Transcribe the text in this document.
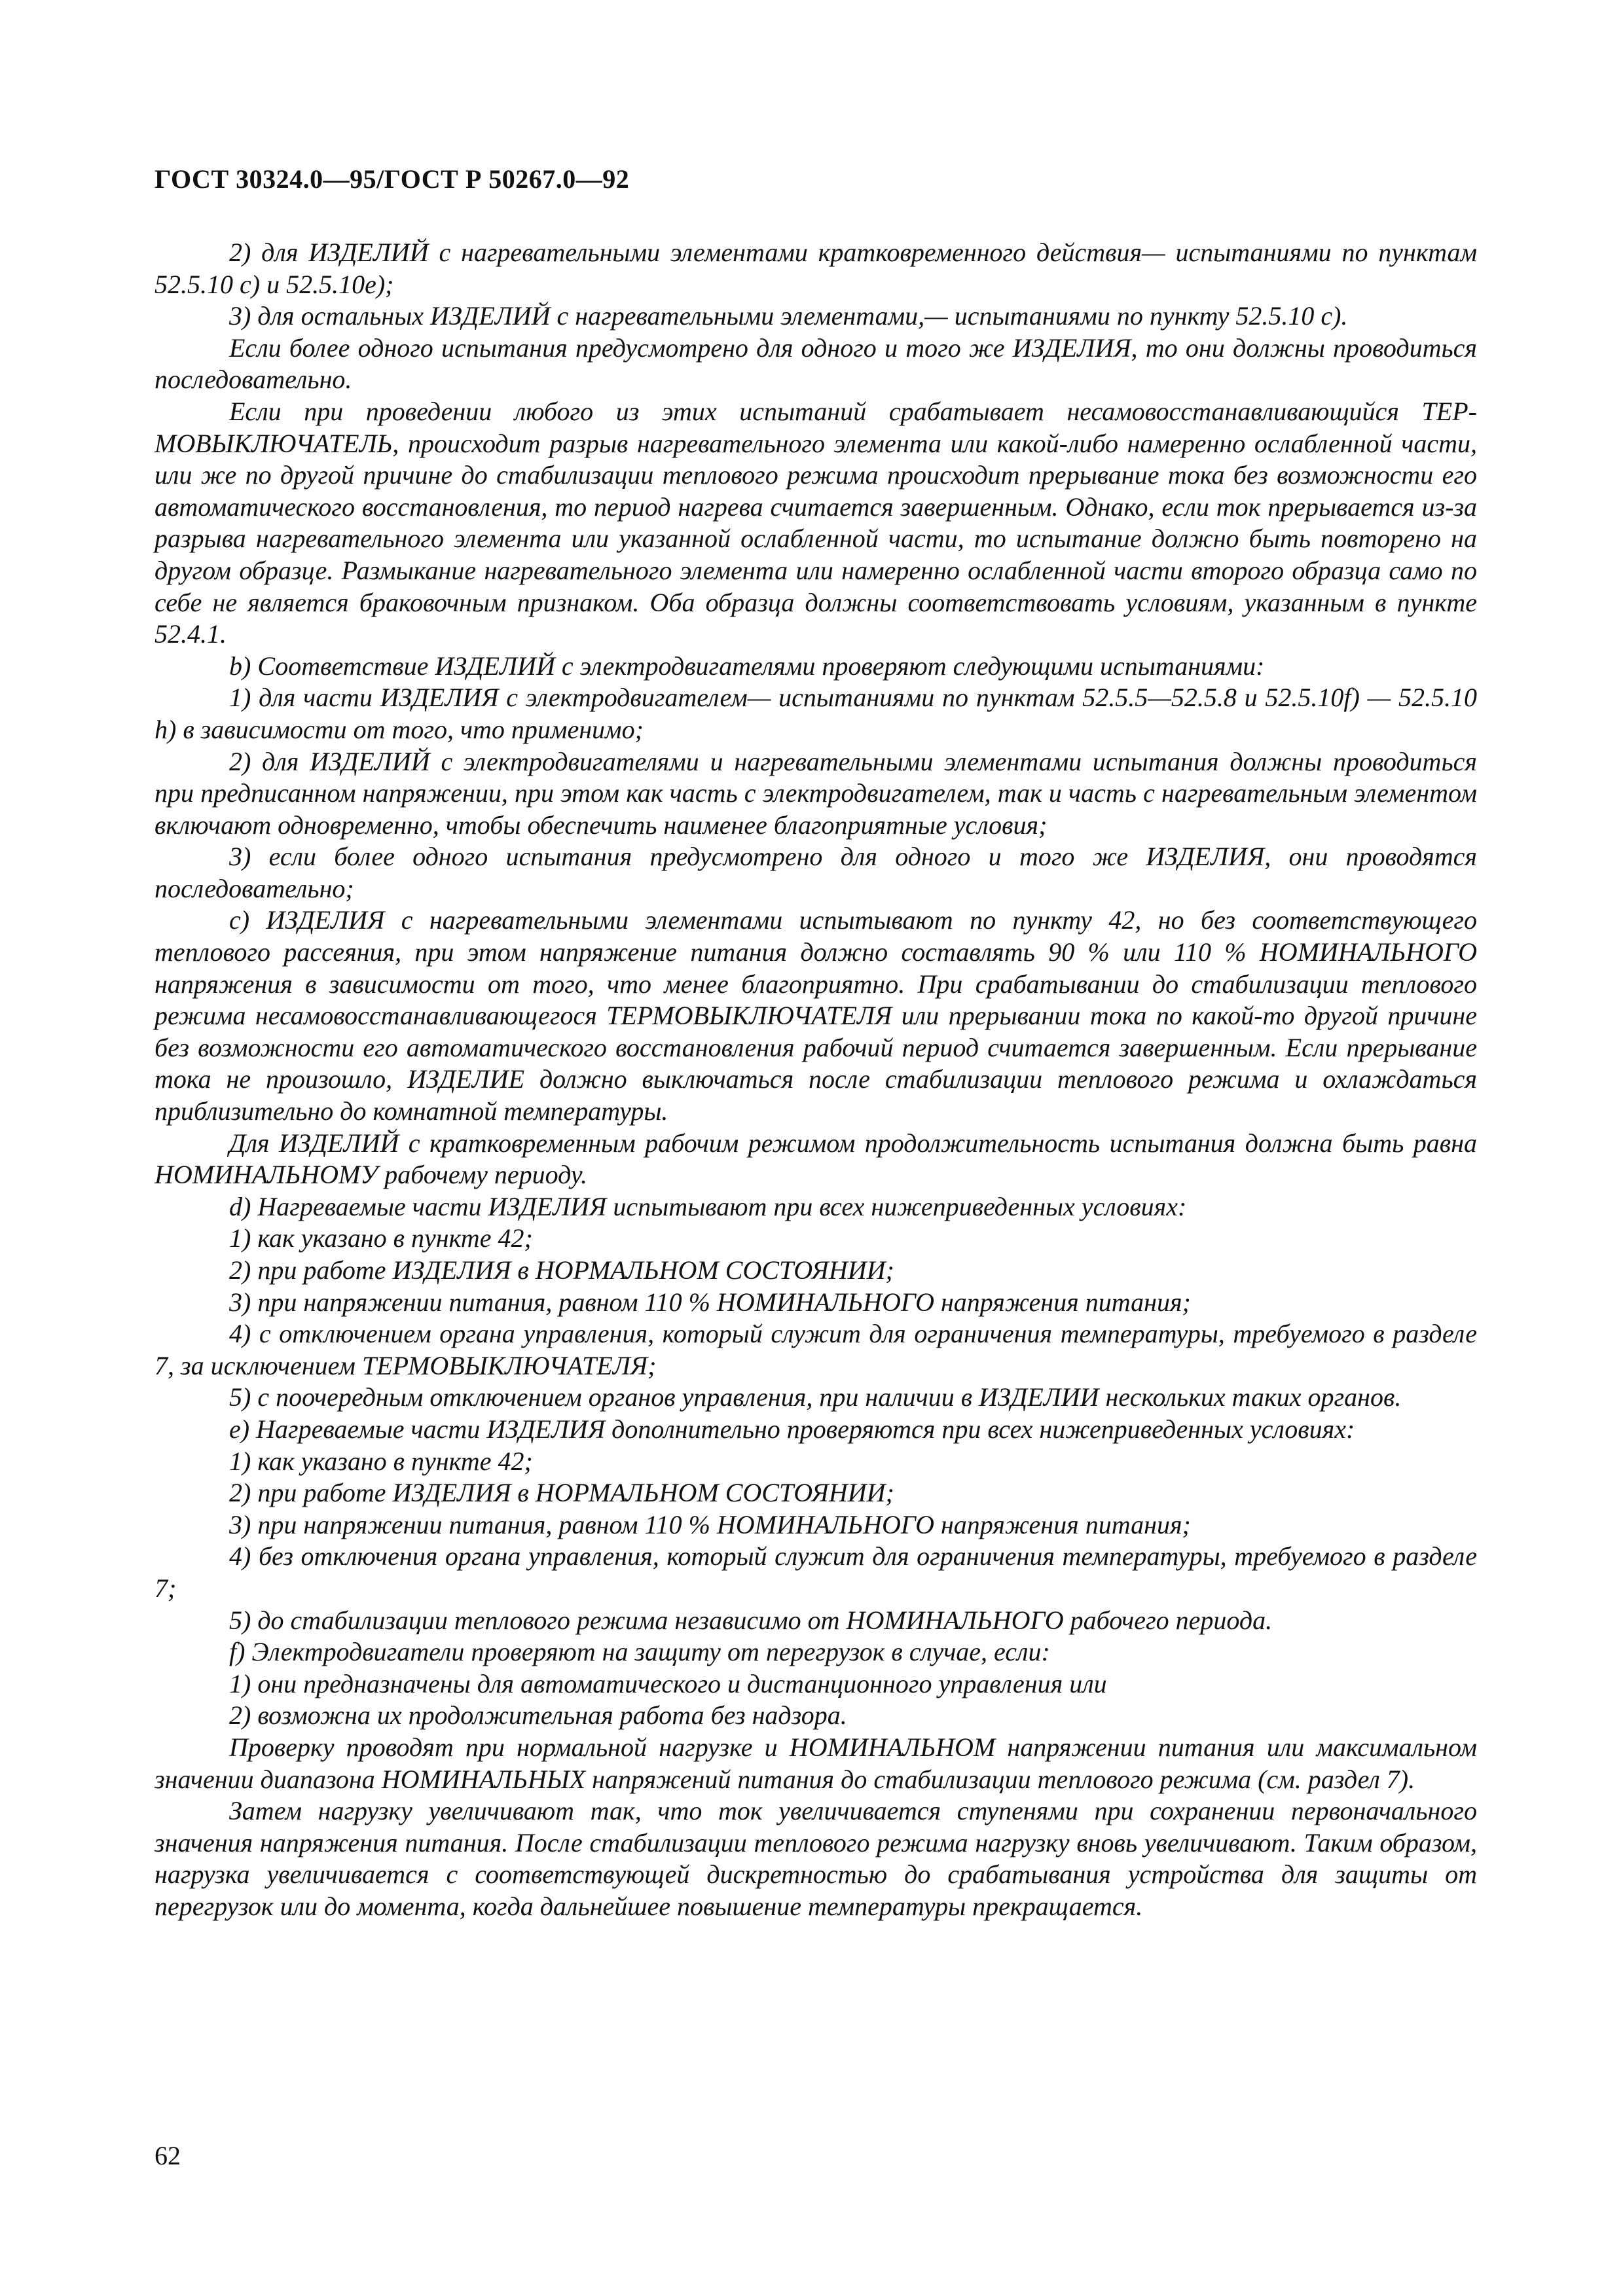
ГОСТ 30324.0—95/ГОСТ Р 50267.0—92

2) для ИЗДЕЛИЙ с нагревательными элементами кратковременного действия— испытаниями по пунктам 52.5.10 c) и 52.5.10e);

3) для остальных ИЗДЕЛИЙ с нагревательными элементами,— испытаниями по пункту 52.5.10 c).

Если более одного испытания предусмотрено для одного и того же ИЗДЕЛИЯ, то они должны проводиться последовательно.

Если при проведении любого из этих испытаний срабатывает несамовосстанавливающийся ТЕРМОВЫКЛЮЧАТЕЛЬ, происходит разрыв нагревательного элемента или какой-либо намеренно ослабленной части, или же по другой причине до стабилизации теплового режима происходит прерывание тока без возможности его автоматического восстановления, то период нагрева считается завершенным. Однако, если ток прерывается из-за разрыва нагревательного элемента или указанной ослабленной части, то испытание должно быть повторено на другом образце. Размыкание нагревательного элемента или намеренно ослабленной части второго образца само по себе не является браковочным признаком. Оба образца должны соответствовать условиям, указанным в пункте 52.4.1.

b) Соответствие ИЗДЕЛИЙ с электродвигателями проверяют следующими испытаниями:

1) для части ИЗДЕЛИЯ с электродвигателем— испытаниями по пунктам 52.5.5—52.5.8 и 52.5.10f) — 52.5.10 h) в зависимости от того, что применимо;

2) для ИЗДЕЛИЙ с электродвигателями и нагревательными элементами испытания должны проводиться при предписанном напряжении, при этом как часть с электродвигателем, так и часть с нагревательным элементом включают одновременно, чтобы обеспечить наименее благоприятные условия;

3) если более одного испытания предусмотрено для одного и того же ИЗДЕЛИЯ, они проводятся последовательно;

c) ИЗДЕЛИЯ с нагревательными элементами испытывают по пункту 42, но без соответствующего теплового рассеяния, при этом напряжение питания должно составлять 90 % или 110 % НОМИНАЛЬНОГО напряжения в зависимости от того, что менее благоприятно. При срабатывании до стабилизации теплового режима несамовосстанавливающегося ТЕРМОВЫКЛЮЧАТЕЛЯ или прерывании тока по какой-то другой причине без возможности его автоматического восстановления рабочий период считается завершенным. Если прерывание тока не произошло, ИЗДЕЛИЕ должно выключаться после стабилизации теплового режима и охлаждаться приблизительно до комнатной температуры.

Для ИЗДЕЛИЙ с кратковременным рабочим режимом продолжительность испытания должна быть равна НОМИНАЛЬНОМУ рабочему периоду.

d) Нагреваемые части ИЗДЕЛИЯ испытывают при всех нижеприведенных условиях:

1) как указано в пункте 42;

2) при работе ИЗДЕЛИЯ в НОРМАЛЬНОМ СОСТОЯНИИ;

3) при напряжении питания, равном 110 % НОМИНАЛЬНОГО напряжения питания;

4) с отключением органа управления, который служит для ограничения температуры, требуемого в разделе 7, за исключением ТЕРМОВЫКЛЮЧАТЕЛЯ;

5) с поочередным отключением органов управления, при наличии в ИЗДЕЛИИ нескольких таких органов.

e) Нагреваемые части ИЗДЕЛИЯ дополнительно проверяются при всех нижеприведенных условиях:

1) как указано в пункте 42;

2) при работе ИЗДЕЛИЯ в НОРМАЛЬНОМ СОСТОЯНИИ;

3) при напряжении питания, равном 110 % НОМИНАЛЬНОГО напряжения питания;

4) без отключения органа управления, который служит для ограничения температуры, требуемого в разделе 7;

5) до стабилизации теплового режима независимо от НОМИНАЛЬНОГО рабочего периода.

f) Электродвигатели проверяют на защиту от перегрузок в случае, если:

1) они предназначены для автоматического и дистанционного управления или

2) возможна их продолжительная работа без надзора.

Проверку проводят при нормальной нагрузке и НОМИНАЛЬНОМ напряжении питания или максимальном значении диапазона НОМИНАЛЬНЫХ напряжений питания до стабилизации теплового режима (см. раздел 7).

Затем нагрузку увеличивают так, что ток увеличивается ступенями при сохранении первоначального значения напряжения питания. После стабилизации теплового режима нагрузку вновь увеличивают. Таким образом, нагрузка увеличивается с соответствующей дискретностью до срабатывания устройства для защиты от перегрузок или до момента, когда дальнейшее повышение температуры прекращается.

62
